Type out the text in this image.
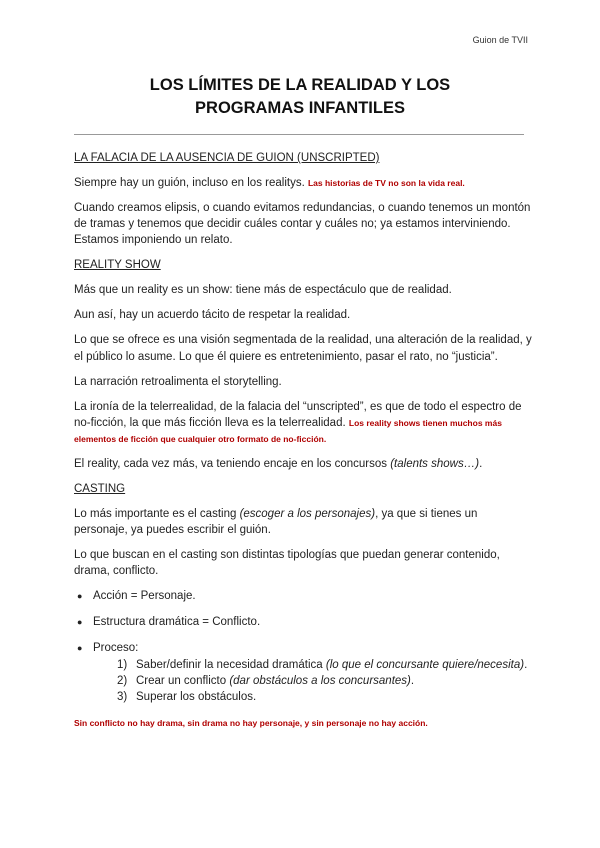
Guion de TVII
LOS LÍMITES DE LA REALIDAD Y LOS
PROGRAMAS INFANTILES

LA FALACIA DE LA AUSENCIA DE GUION (UNSCRIPTED)

Siempre hay un guión, incluso en los realitys. Las historias de TV no son la vida real.

Cuando creamos elipsis, o cuando evitamos redundancias, o cuando tenemos un montón de tramas y tenemos que decidir cuáles contar y cuáles no; ya estamos interviniendo. Estamos imponiendo un relato.

REALITY SHOW

Más que un reality es un show: tiene más de espectáculo que de realidad.

Aun así, hay un acuerdo tácito de respetar la realidad.

Lo que se ofrece es una visión segmentada de la realidad, una alteración de la realidad, y el público lo asume. Lo que él quiere es entretenimiento, pasar el rato, no “justicia”.

La narración retroalimenta el storytelling.

La ironía de la telerrealidad, de la falacia del “unscripted”, es que de todo el espectro de no-ficción, la que más ficción lleva es la telerrealidad. Los reality shows tienen muchos más elementos de ficción que cualquier otro formato de no-ficción.

El reality, cada vez más, va teniendo encaje en los concursos (talents shows…).

CASTING

Lo más importante es el casting (escoger a los personajes), ya que si tienes un personaje, ya puedes escribir el guión.

Lo que buscan en el casting son distintas tipologías que puedan generar contenido, drama, conflicto.

● Acción = Personaje.
● Estructura dramática = Conflicto.
● Proceso:
1) Saber/definir la necesidad dramática (lo que el concursante quiere/necesita).
2) Crear un conflicto (dar obstáculos a los concursantes).
3) Superar los obstáculos.

Sin conflicto no hay drama, sin drama no hay personaje, y sin personaje no hay acción.
